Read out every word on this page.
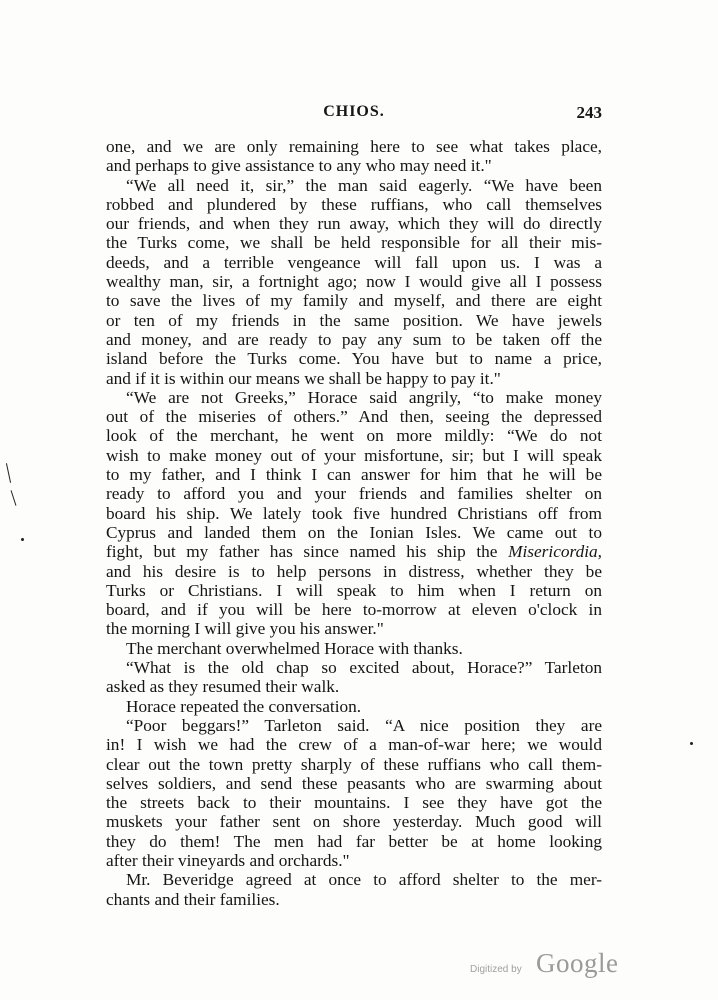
CHIOS.	243
one, and we are only remaining here to see what takes place,
and perhaps to give assistance to any who may need it."
“We all need it, sir,” the man said eagerly. “We have been
robbed and plundered by these ruffians, who call themselves
our friends, and when they run away, which they will do directly
the Turks come, we shall be held responsible for all their mis-
deeds, and a terrible vengeance will fall upon us. I was a
wealthy man, sir, a fortnight ago; now I would give all I possess
to save the lives of my family and myself, and there are eight
or ten of my friends in the same position. We have jewels
and money, and are ready to pay any sum to be taken off the
island before the Turks come. You have but to name a price,
and if it is within our means we shall be happy to pay it."
“We are not Greeks,” Horace said angrily, “to make money
out of the miseries of others.” And then, seeing the depressed
look of the merchant, he went on more mildly: “We do not
wish to make money out of your misfortune, sir; but I will speak
to my father, and I think I can answer for him that he will be
ready to afford you and your friends and families shelter on
board his ship. We lately took five hundred Christians off from
Cyprus and landed them on the Ionian Isles. We came out to
fight, but my father has since named his ship the Misericordia,
and his desire is to help persons in distress, whether they be
Turks or Christians. I will speak to him when I return on
board, and if you will be here to-morrow at eleven o'clock in
the morning I will give you his answer."
The merchant overwhelmed Horace with thanks.
“What is the old chap so excited about, Horace?” Tarleton
asked as they resumed their walk.
Horace repeated the conversation.
“Poor beggars!” Tarleton said. “A nice position they are
in! I wish we had the crew of a man-of-war here; we would
clear out the town pretty sharply of these ruffians who call them-
selves soldiers, and send these peasants who are swarming about
the streets back to their mountains. I see they have got the
muskets your father sent on shore yesterday. Much good will
they do them! The men had far better be at home looking
after their vineyards and orchards."
Mr. Beveridge agreed at once to afford shelter to the mer-
chants and their families.
Digitized by Google
